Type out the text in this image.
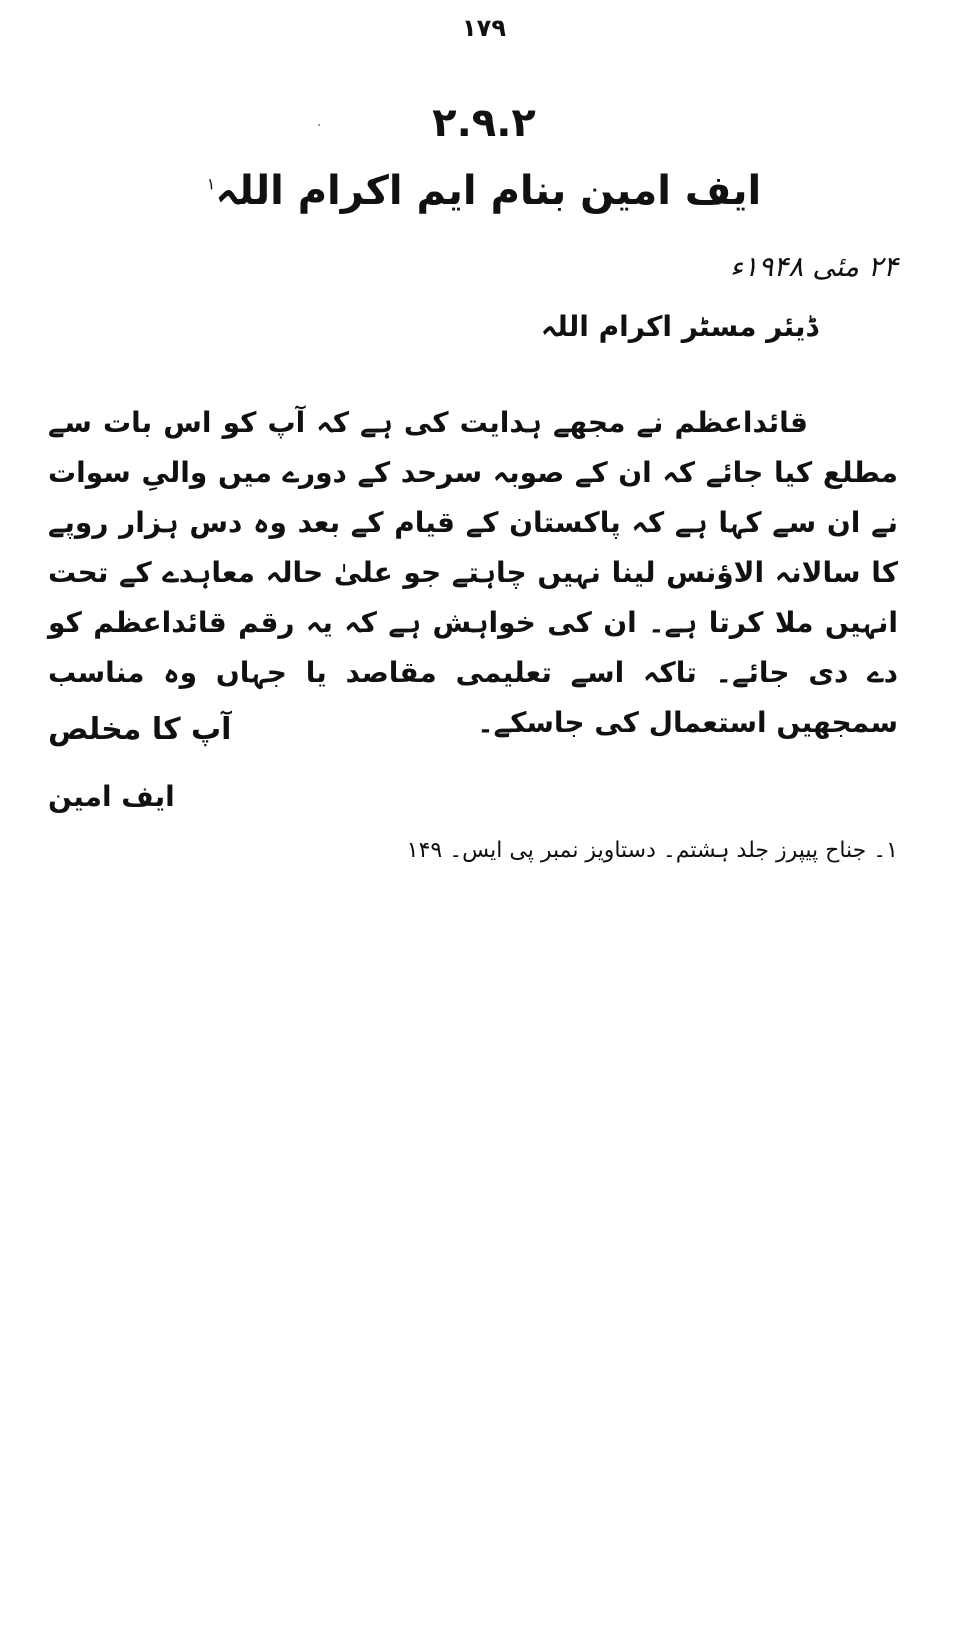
۱۷۹
۲.۹.۲
ایف امین بنام ایم اکرام اللہ$^۱$
۲۴ مئی ۱۹۴۸ء
ڈیئر مسٹر اکرام اللہ

قائداعظم نے مجھے ہدایت کی ہے کہ آپ کو اس بات سے مطلع کیا جائے کہ ان کے صوبہ سرحد کے دورے میں والیِ سوات نے ان سے کہا ہے کہ پاکستان کے قیام کے بعد وہ دس ہزار روپے کا سالانہ الاؤنس لینا نہیں چاہتے جو علیٰ حالہ معاہدے کے تحت انہیں ملا کرتا ہے۔ ان کی خواہش ہے کہ یہ رقم قائداعظم کو دے دی جائے۔ تاکہ اسے تعلیمی مقاصد یا جہاں وہ مناسب سمجھیں استعمال کی جاسکے۔

آپ کا مخلص
ایف امین
۱۔ جناح پیپرز جلد ہشتم۔ دستاویز نمبر پی ایس۔ ۱۴۹
